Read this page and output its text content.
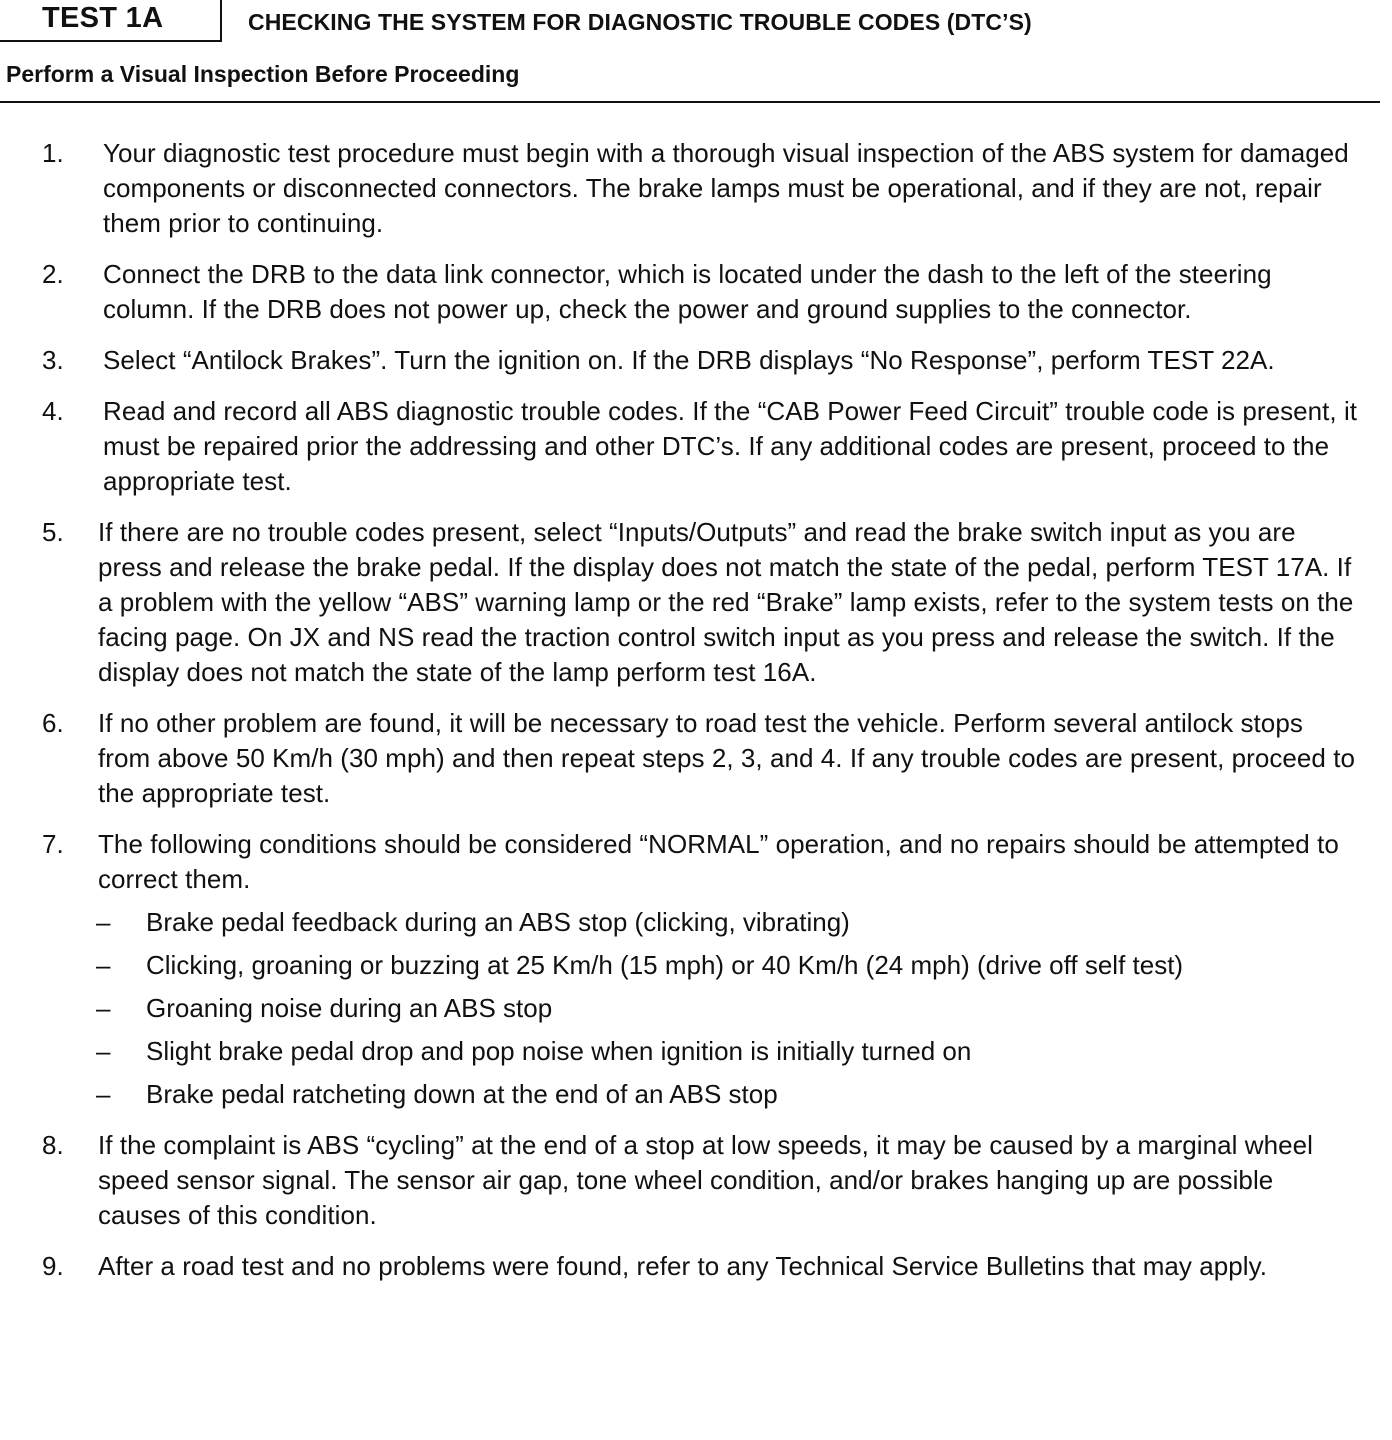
TEST 1A	CHECKING THE SYSTEM FOR DIAGNOSTIC TROUBLE CODES (DTC’S)
Perform a Visual Inspection Before Proceeding
1. Your diagnostic test procedure must begin with a thorough visual inspection of the ABS system for damaged components or disconnected connectors. The brake lamps must be operational, and if they are not, repair them prior to continuing.
2. Connect the DRB to the data link connector, which is located under the dash to the left of the steering column. If the DRB does not power up, check the power and ground supplies to the connector.
3. Select “Antilock Brakes”. Turn the ignition on. If the DRB displays “No Response”, perform TEST 22A.
4. Read and record all ABS diagnostic trouble codes. If the “CAB Power Feed Circuit” trouble code is present, it must be repaired prior the addressing and other DTC’s. If any additional codes are present, proceed to the appropriate test.
5. If there are no trouble codes present, select “Inputs/Outputs” and read the brake switch input as you are press and release the brake pedal. If the display does not match the state of the pedal, perform TEST 17A. If a problem with the yellow “ABS” warning lamp or the red “Brake” lamp exists, refer to the system tests on the facing page. On JX and NS read the traction control switch input as you press and release the switch. If the display does not match the state of the lamp perform test 16A.
6. If no other problem are found, it will be necessary to road test the vehicle. Perform several antilock stops from above 50 Km/h (30 mph) and then repeat steps 2, 3, and 4. If any trouble codes are present, proceed to the appropriate test.
7. The following conditions should be considered “NORMAL” operation, and no repairs should be attempted to correct them.
– Brake pedal feedback during an ABS stop (clicking, vibrating)
– Clicking, groaning or buzzing at 25 Km/h (15 mph) or 40 Km/h (24 mph) (drive off self test)
– Groaning noise during an ABS stop
– Slight brake pedal drop and pop noise when ignition is initially turned on
– Brake pedal ratcheting down at the end of an ABS stop
8. If the complaint is ABS “cycling” at the end of a stop at low speeds, it may be caused by a marginal wheel speed sensor signal. The sensor air gap, tone wheel condition, and/or brakes hanging up are possible causes of this condition.
9. After a road test and no problems were found, refer to any Technical Service Bulletins that may apply.
